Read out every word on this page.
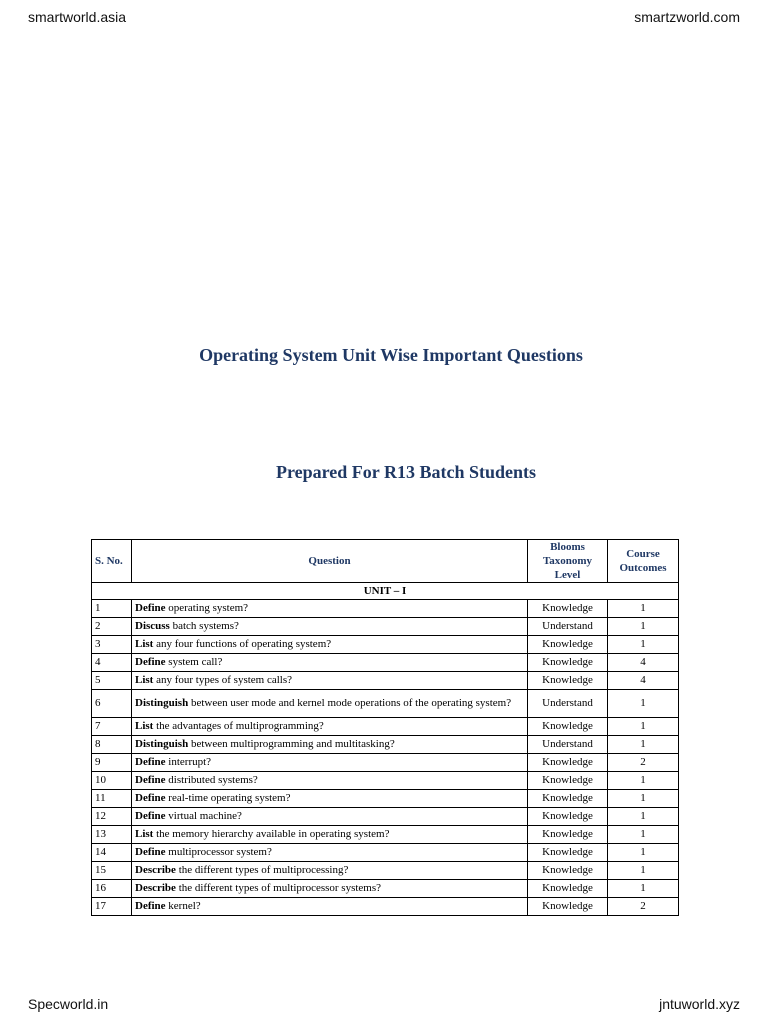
smartworld.asia	smartzworld.com
Operating System Unit Wise Important Questions
Prepared For R13 Batch Students
S. No.	Question	Blooms Taxonomy Level	Course Outcomes
UNIT – I			
1	Define operating system?	Knowledge	1
2	Discuss batch systems?	Understand	1
3	List any four functions of operating system?	Knowledge	1
4	Define system call?	Knowledge	4
5	List any four types of system calls?	Knowledge	4
6	Distinguish between user mode and kernel mode operations of the operating system?	Understand	1
7	List the advantages of multiprogramming?	Knowledge	1
8	Distinguish between multiprogramming and multitasking?	Understand	1
9	Define interrupt?	Knowledge	2
10	Define distributed systems?	Knowledge	1
11	Define real-time operating system?	Knowledge	1
12	Define virtual machine?	Knowledge	1
13	List the memory hierarchy available in operating system?	Knowledge	1
14	Define multiprocessor system?	Knowledge	1
15	Describe the different types of multiprocessing?	Knowledge	1
16	Describe the different types of multiprocessor systems?	Knowledge	1
17	Define kernel?	Knowledge	2
Specworld.in	jntuworld.xyz
